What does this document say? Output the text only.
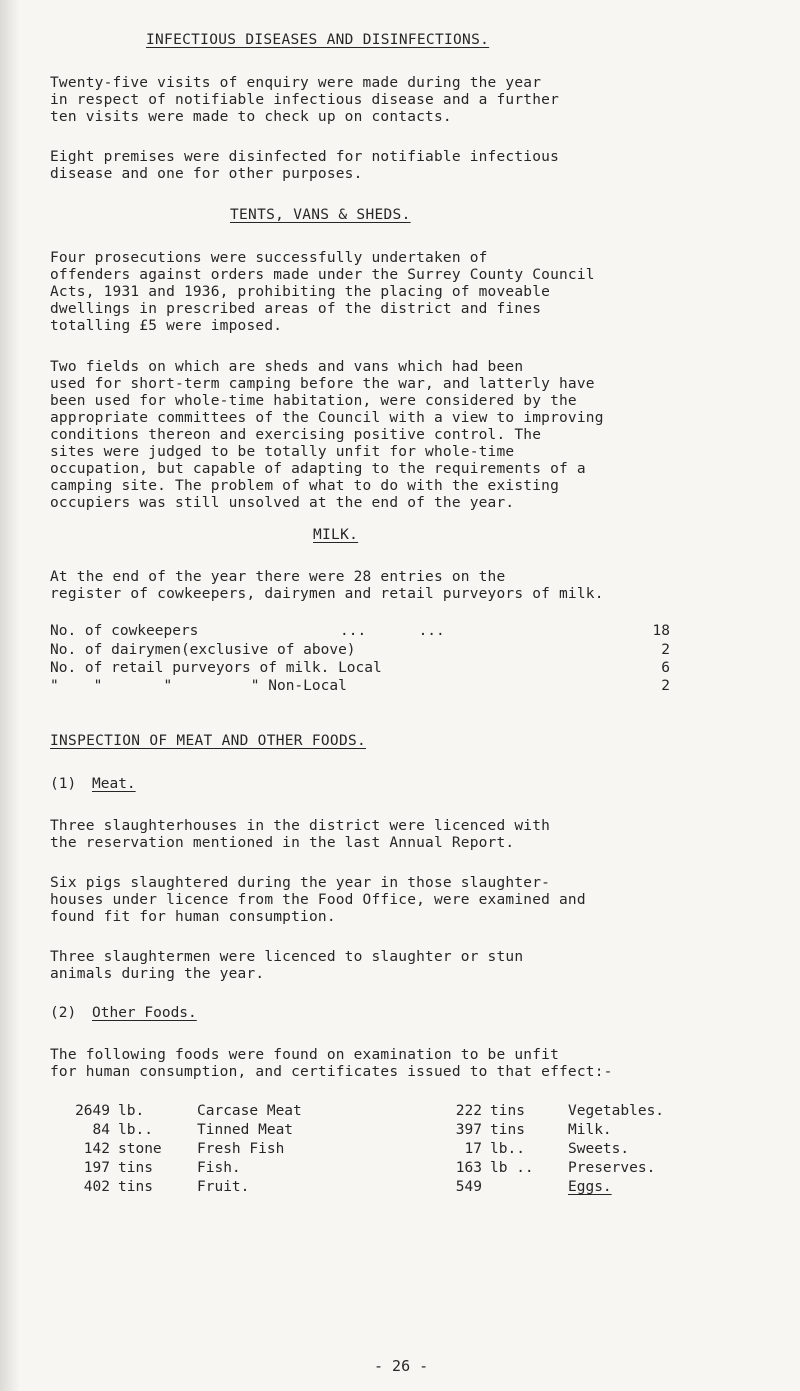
INFECTIOUS DISEASES AND DISINFECTIONS.
Twenty-five visits of enquiry were made during the year
in respect of notifiable infectious disease and a further
ten visits were made to check up on contacts.
Eight premises were disinfected for notifiable infectious
disease and one for other purposes.
TENTS, VANS & SHEDS.
Four prosecutions were successfully undertaken of
offenders against orders made under the Surrey County Council
Acts, 1931 and 1936, prohibiting the placing of moveable
dwellings in prescribed areas of the district and fines
totalling £5 were imposed.
Two fields on which are sheds and vans which had been
used for short-term camping before the war, and latterly have
been used for whole-time habitation, were considered by the
appropriate committees of the Council with a view to improving
conditions thereon and exercising positive control. The
sites were judged to be totally unfit for whole-time
occupation, but capable of adapting to the requirements of a
camping site. The problem of what to do with the existing
occupiers was still unsolved at the end of the year.
MILK.
At the end of the year there were 28 entries on the
register of cowkeepers, dairymen and retail purveyors of milk.
No. of cowkeepers	...      ...	18
No. of dairymen(exclusive of above)	2
No. of retail purveyors of milk. Local	6
"    "       "         " Non-Local	2
INSPECTION OF MEAT AND OTHER FOODS.
(1) Meat.
Three slaughterhouses in the district were licenced with
the reservation mentioned in the last Annual Report.
Six pigs slaughtered during the year in those slaughter-
houses under licence from the Food Office, were examined and
found fit for human consumption.
Three slaughtermen were licenced to slaughter or stun
animals during the year.
(2) Other Foods.
The following foods were found on examination to be unfit
for human consumption, and certificates issued to that effect:-
2649 lb.	Carcase Meat	222 tins	Vegetables.
84 lb..	Tinned Meat	397 tins	Milk.
142 stone Fresh Fish	17 lb..	Sweets.
197 tins	Fish.	163 lb .. Preserves.
402 tins	Fruit.	549	Eggs.
- 26 -
